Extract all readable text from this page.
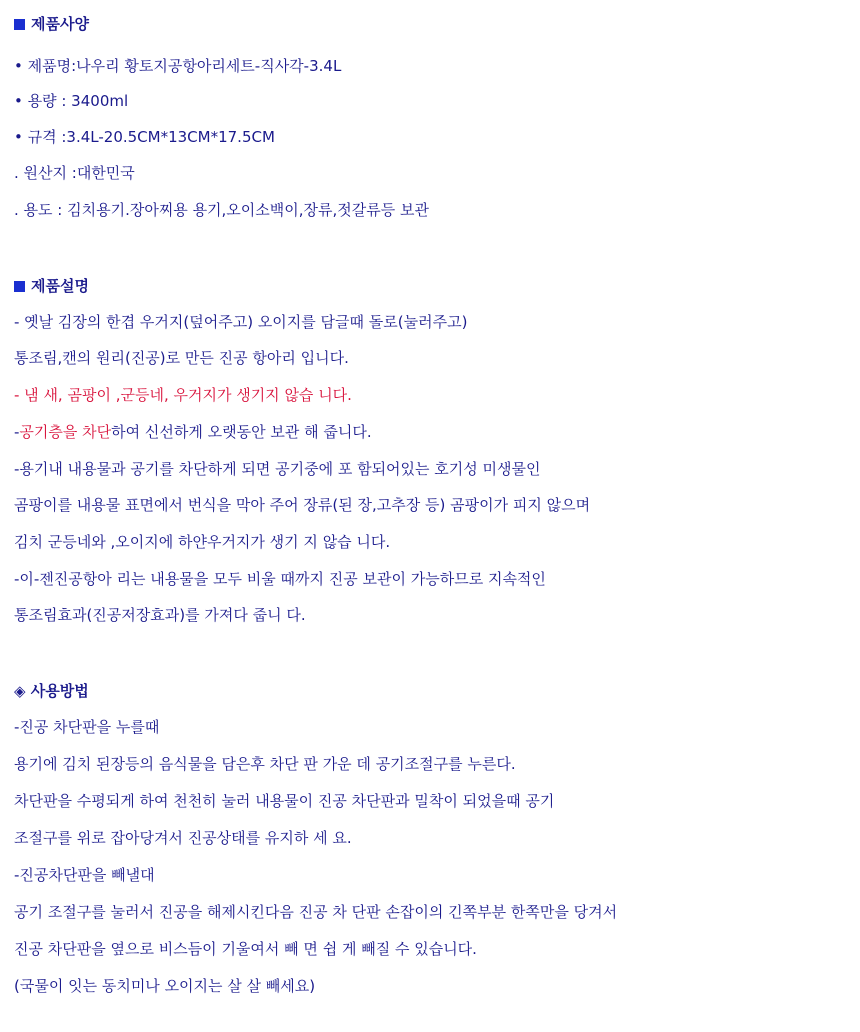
제품사양
• 제품명:나우리 황토지공항아리세트-직사각-3.4L
• 용량 : 3400ml
• 규격 :3.4L-20.5CM*13CM*17.5CM
. 원산지 :대한민국
. 용도 : 김치용기.장아찌용 용기,오이소백이,장류,젓갈류등 보관
제품설명
- 옛날 김장의 한겹 우거지(덮어주고) 오이지를 담글때 돌로(눌러주고)
통조림,캔의 원리(진공)로 만든 진공 항아리 입니다.
- 냄 새, 곰팡이 ,군등네, 우거지가 생기지 않습 니다.
-공기층을 차단하여 신선하게 오랫동안 보관 해 줍니다.
-용기내 내용물과 공기를 차단하게 되면 공기중에 포 함되어있는 호기성 미생물인
곰팡이를 내용물 표면에서 번식을 막아 주어 장류(된 장,고추장 등) 곰팡이가 피지 않으며
김치 군등네와 ,오이지에 하얀우거지가 생기 지 않습 니다.
-이-젠진공항아 리는 내용물을 모두 비울 때까지 진공 보관이 가능하므로 지속적인
통조림효과(진공저장효과)를 가져다 줍니 다.
◈ 사용방법
-진공 차단판을 누를때
용기에 김치 된장등의 음식물을 담은후 차단 판 가운 데 공기조절구를 누른다.
차단판을 수평되게 하여 천천히 눌러 내용물이 진공 차단판과 밀착이 되었을때 공기
조절구를 위로 잡아당겨서 진공상태를 유지하 세 요.
-진공차단판을 빼낼대
공기 조절구를 눌러서 진공을 해제시킨다음 진공 차 단판 손잡이의 긴쪽부분 한쪽만을 당겨서
진공 차단판을 옆으로 비스듬이 기울여서 빼 면 쉽 게 빼질 수 있습니다.
(국물이 잇는 동치미나 오이지는 살 살 빼세요)
